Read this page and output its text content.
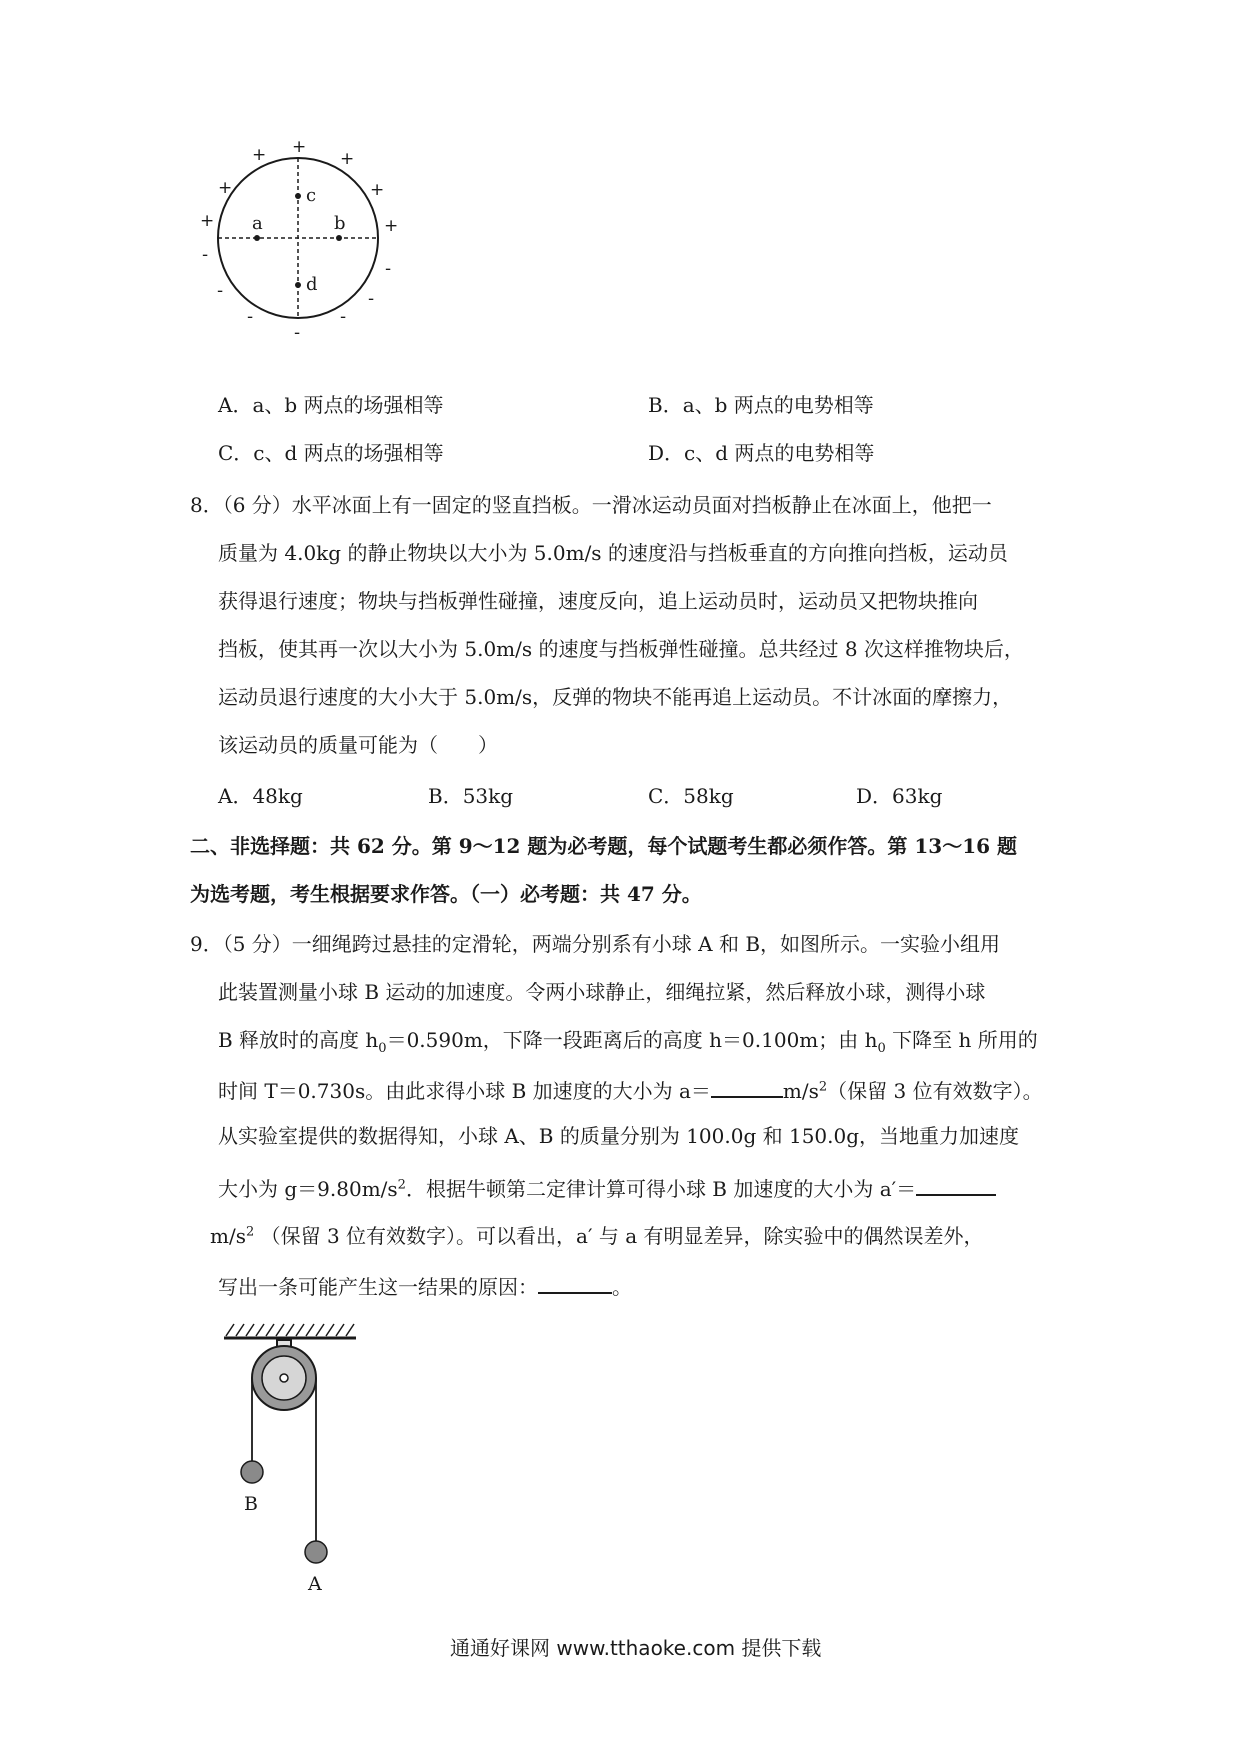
c
a	b
d
+ +
+
+	+
+	+
-
-
-	-
-	-
-
A．a、b 两点的场强相等	B．a、b 两点的电势相等
C．c、d 两点的场强相等	D．c、d 两点的电势相等
8．（6 分）水平冰面上有一固定的竖直挡板。一滑冰运动员面对挡板静止在冰面上，他把一
质量为 4.0kg 的静止物块以大小为 5.0m/s 的速度沿与挡板垂直的方向推向挡板，运动员
获得退行速度；物块与挡板弹性碰撞，速度反向，追上运动员时，运动员又把物块推向
挡板，使其再一次以大小为 5.0m/s 的速度与挡板弹性碰撞。总共经过 8 次这样推物块后，
运动员退行速度的大小大于 5.0m/s，反弹的物块不能再追上运动员。不计冰面的摩擦力，
该运动员的质量可能为（　　）
A．48kg	B．53kg	C．58kg	D．63kg
二、非选择题：共 62 分。第 9～12 题为必考题，每个试题考生都必须作答。第 13～16 题
为选考题，考生根据要求作答。（一）必考题：共 47 分。
9．（5 分）一细绳跨过悬挂的定滑轮，两端分别系有小球 A 和 B，如图所示。一实验小组用
此装置测量小球 B 运动的加速度。令两小球静止，细绳拉紧，然后释放小球，测得小球
B 释放时的高度 $h_0=0.590m$，下降一段距离后的高度 h＝0.100m；由 $h_0$ 下降至 h 所用的
时间 T＝0.730s。由此求得小球 B 加速度的大小为 a＝	$m/s^2$（保留 3 位有效数字）。
从实验室提供的数据得知，小球 A、B 的质量分别为 100.0g 和 150.0g，当地重力加速度
大小为 $g=9.80m/s^2$．根据牛顿第二定律计算可得小球 B 加速度的大小为 a′＝
$m/s^2$ （保留 3 位有效数字）。可以看出，a′ 与 a 有明显差异，除实验中的偶然误差外，
写出一条可能产生这一结果的原因：	。
B
A
通通好课网 www.tthaoke.com 提供下载
